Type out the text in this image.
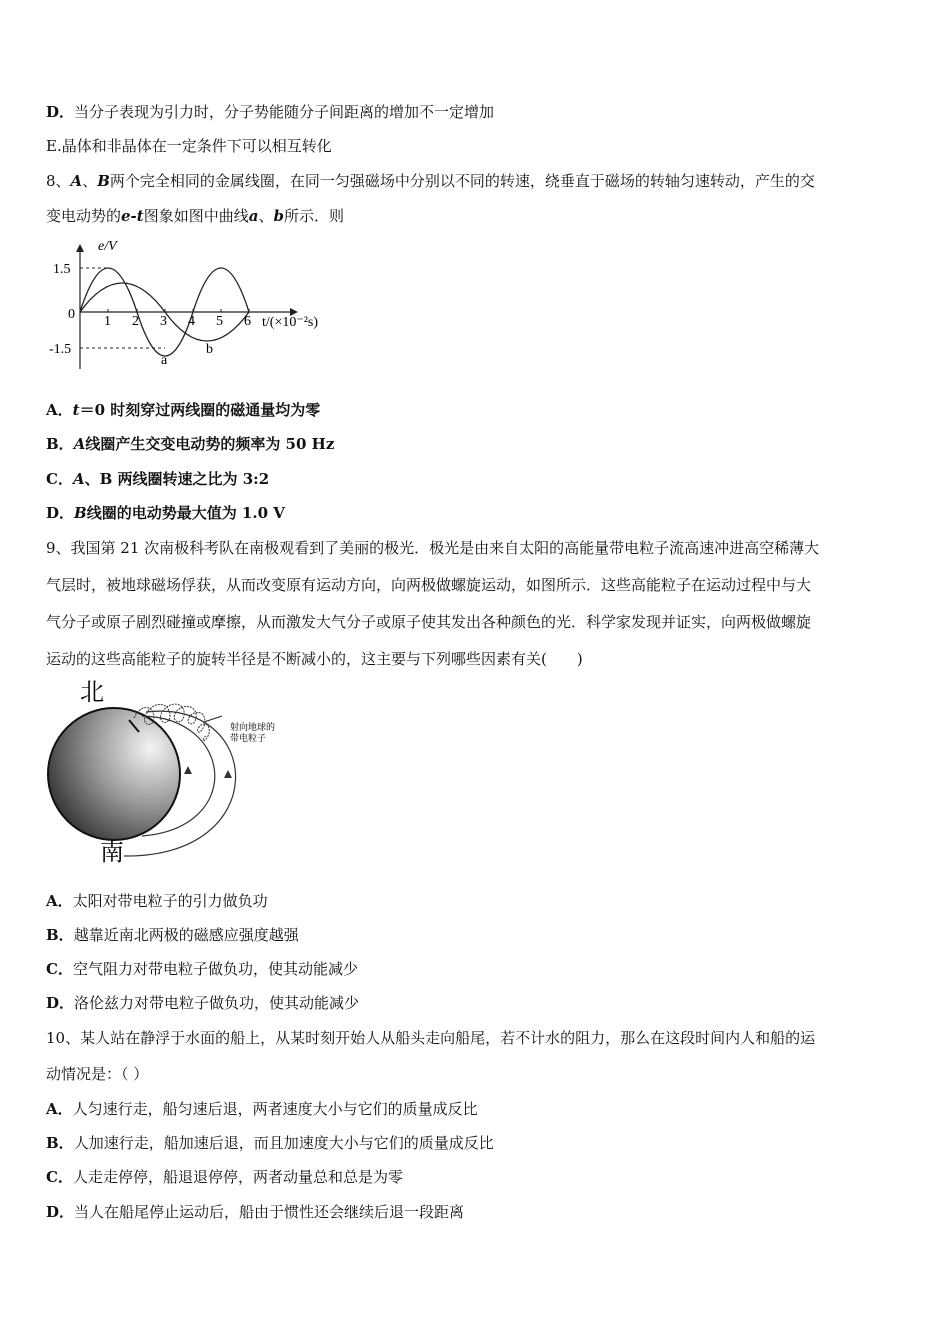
D．当分子表现为引力时，分子势能随分子间距离的增加不一定增加
E.晶体和非晶体在一定条件下可以相互转化
8、A、B两个完全相同的金属线圈，在同一匀强磁场中分别以不同的转速，绕垂直于磁场的转轴匀速转动，产生的交
变电动势的e-t图象如图中曲线a、b所示．则
e/V
1.5
-1.5
0 1 2 3 4 5 6 t/(×10⁻²s)
a
b
A．t＝0 时刻穿过两线圈的磁通量均为零
B．A线圈产生交变电动势的频率为 50 Hz
C．A、B 两线圈转速之比为 3:2
D．B线圈的电动势最大值为 1.0 V
9、我国第 21 次南极科考队在南极观看到了美丽的极光．极光是由来自太阳的高能量带电粒子流高速冲进高空稀薄大
气层时，被地球磁场俘获，从而改变原有运动方向，向两极做螺旋运动，如图所示．这些高能粒子在运动过程中与大
气分子或原子剧烈碰撞或摩擦，从而激发大气分子或原子使其发出各种颜色的光．科学家发现并证实，向两极做螺旋
运动的这些高能粒子的旋转半径是不断减小的，这主要与下列哪些因素有关(　　)
北
南
射向地球的
带电粒子
A．太阳对带电粒子的引力做负功
B．越靠近南北两极的磁感应强度越强
C．空气阻力对带电粒子做负功，使其动能减少
D．洛伦兹力对带电粒子做负功，使其动能减少
10、某人站在静浮于水面的船上，从某时刻开始人从船头走向船尾，若不计水的阻力，那么在这段时间内人和船的运
动情况是：（ ）
A．人匀速行走，船匀速后退，两者速度大小与它们的质量成反比
B．人加速行走，船加速后退，而且加速度大小与它们的质量成反比
C．人走走停停，船退退停停，两者动量总和总是为零
D．当人在船尾停止运动后，船由于惯性还会继续后退一段距离
